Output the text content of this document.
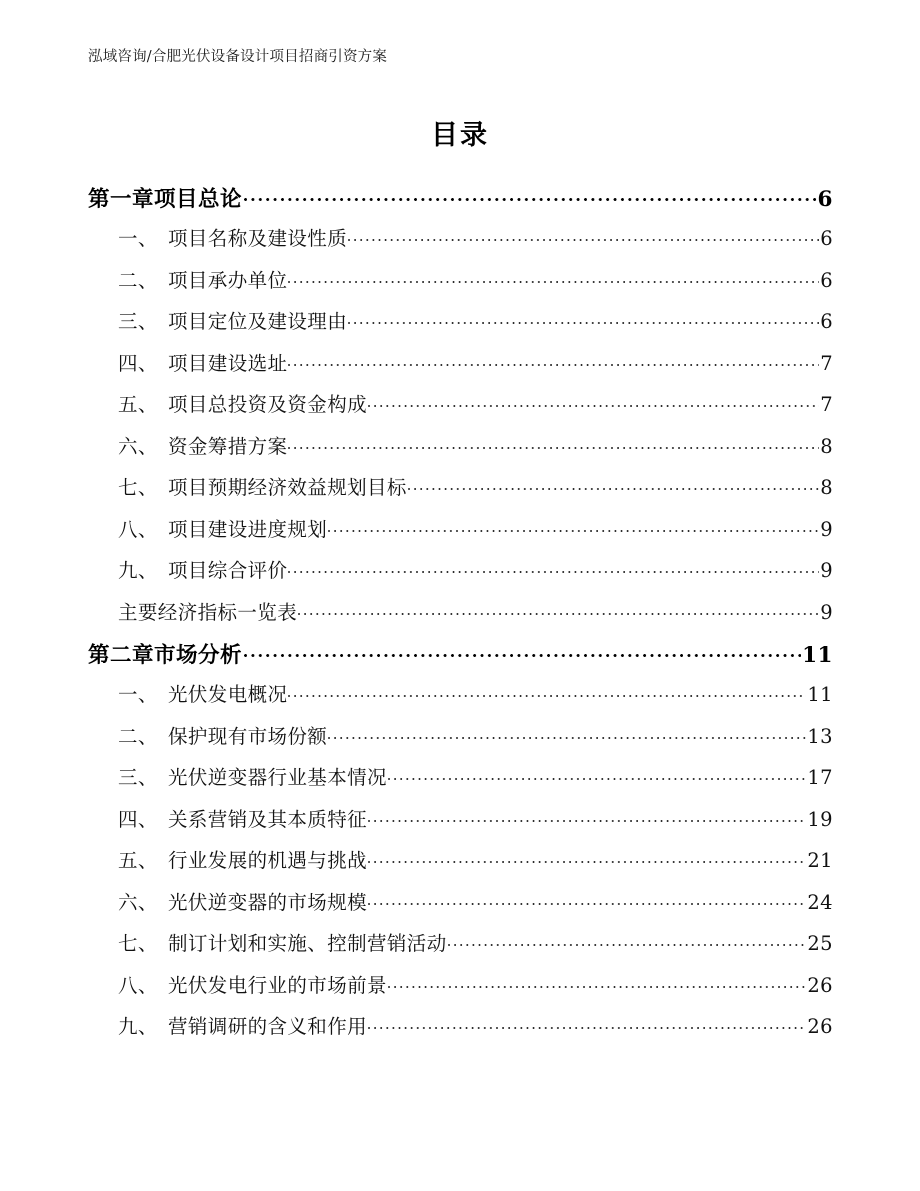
泓域咨询/合肥光伏设备设计项目招商引资方案
目录
第一章项目总论	6
一、 项目名称及建设性质	6
二、 项目承办单位	6
三、 项目定位及建设理由	6
四、 项目建设选址	7
五、 项目总投资及资金构成	7
六、 资金筹措方案	8
七、 项目预期经济效益规划目标	8
八、 项目建设进度规划	9
九、 项目综合评价	9
主要经济指标一览表	9
第二章市场分析	11
一、 光伏发电概况	11
二、 保护现有市场份额	13
三、 光伏逆变器行业基本情况	17
四、 关系营销及其本质特征	19
五、 行业发展的机遇与挑战	21
六、 光伏逆变器的市场规模	24
七、 制订计划和实施、控制营销活动	25
八、 光伏发电行业的市场前景	26
九、 营销调研的含义和作用	26
